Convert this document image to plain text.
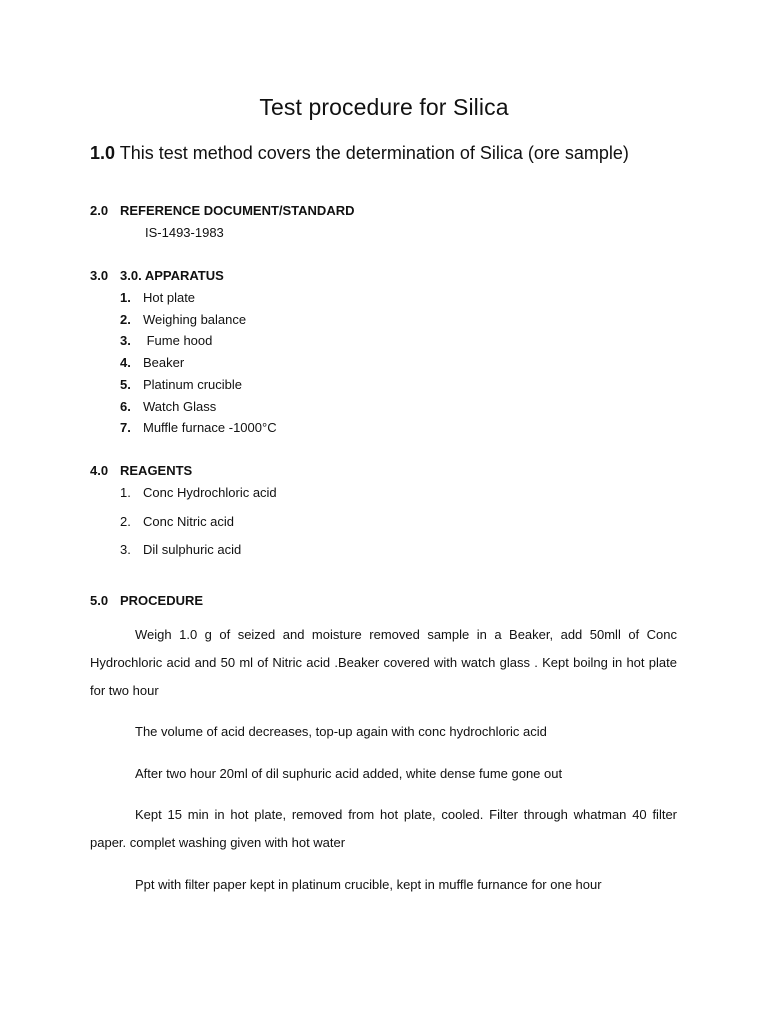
Test procedure for Silica
1.0 This test method covers the determination of Silica (ore sample)
2.0 REFERENCE DOCUMENT/STANDARD
IS-1493-1983
3.0 3.0. APPARATUS
1. Hot plate
2. Weighing balance
3. Fume hood
4. Beaker
5. Platinum crucible
6. Watch Glass
7. Muffle furnace -1000°C
4.0 REAGENTS
1. Conc Hydrochloric acid
2. Conc Nitric acid
3. Dil sulphuric acid
5.0 PROCEDURE
Weigh 1.0 g of seized and moisture removed sample in a Beaker, add 50mll of Conc Hydrochloric acid and 50 ml of Nitric acid .Beaker covered with watch glass . Kept boilng in hot plate for two hour
The volume of acid decreases, top-up again with conc hydrochloric acid
After two hour 20ml of dil suphuric acid added, white dense fume gone out
Kept 15 min in hot plate, removed from hot plate, cooled. Filter through whatman 40 filter paper. complet washing given with hot water
Ppt with filter paper kept in platinum crucible, kept in muffle furnance for one hour
